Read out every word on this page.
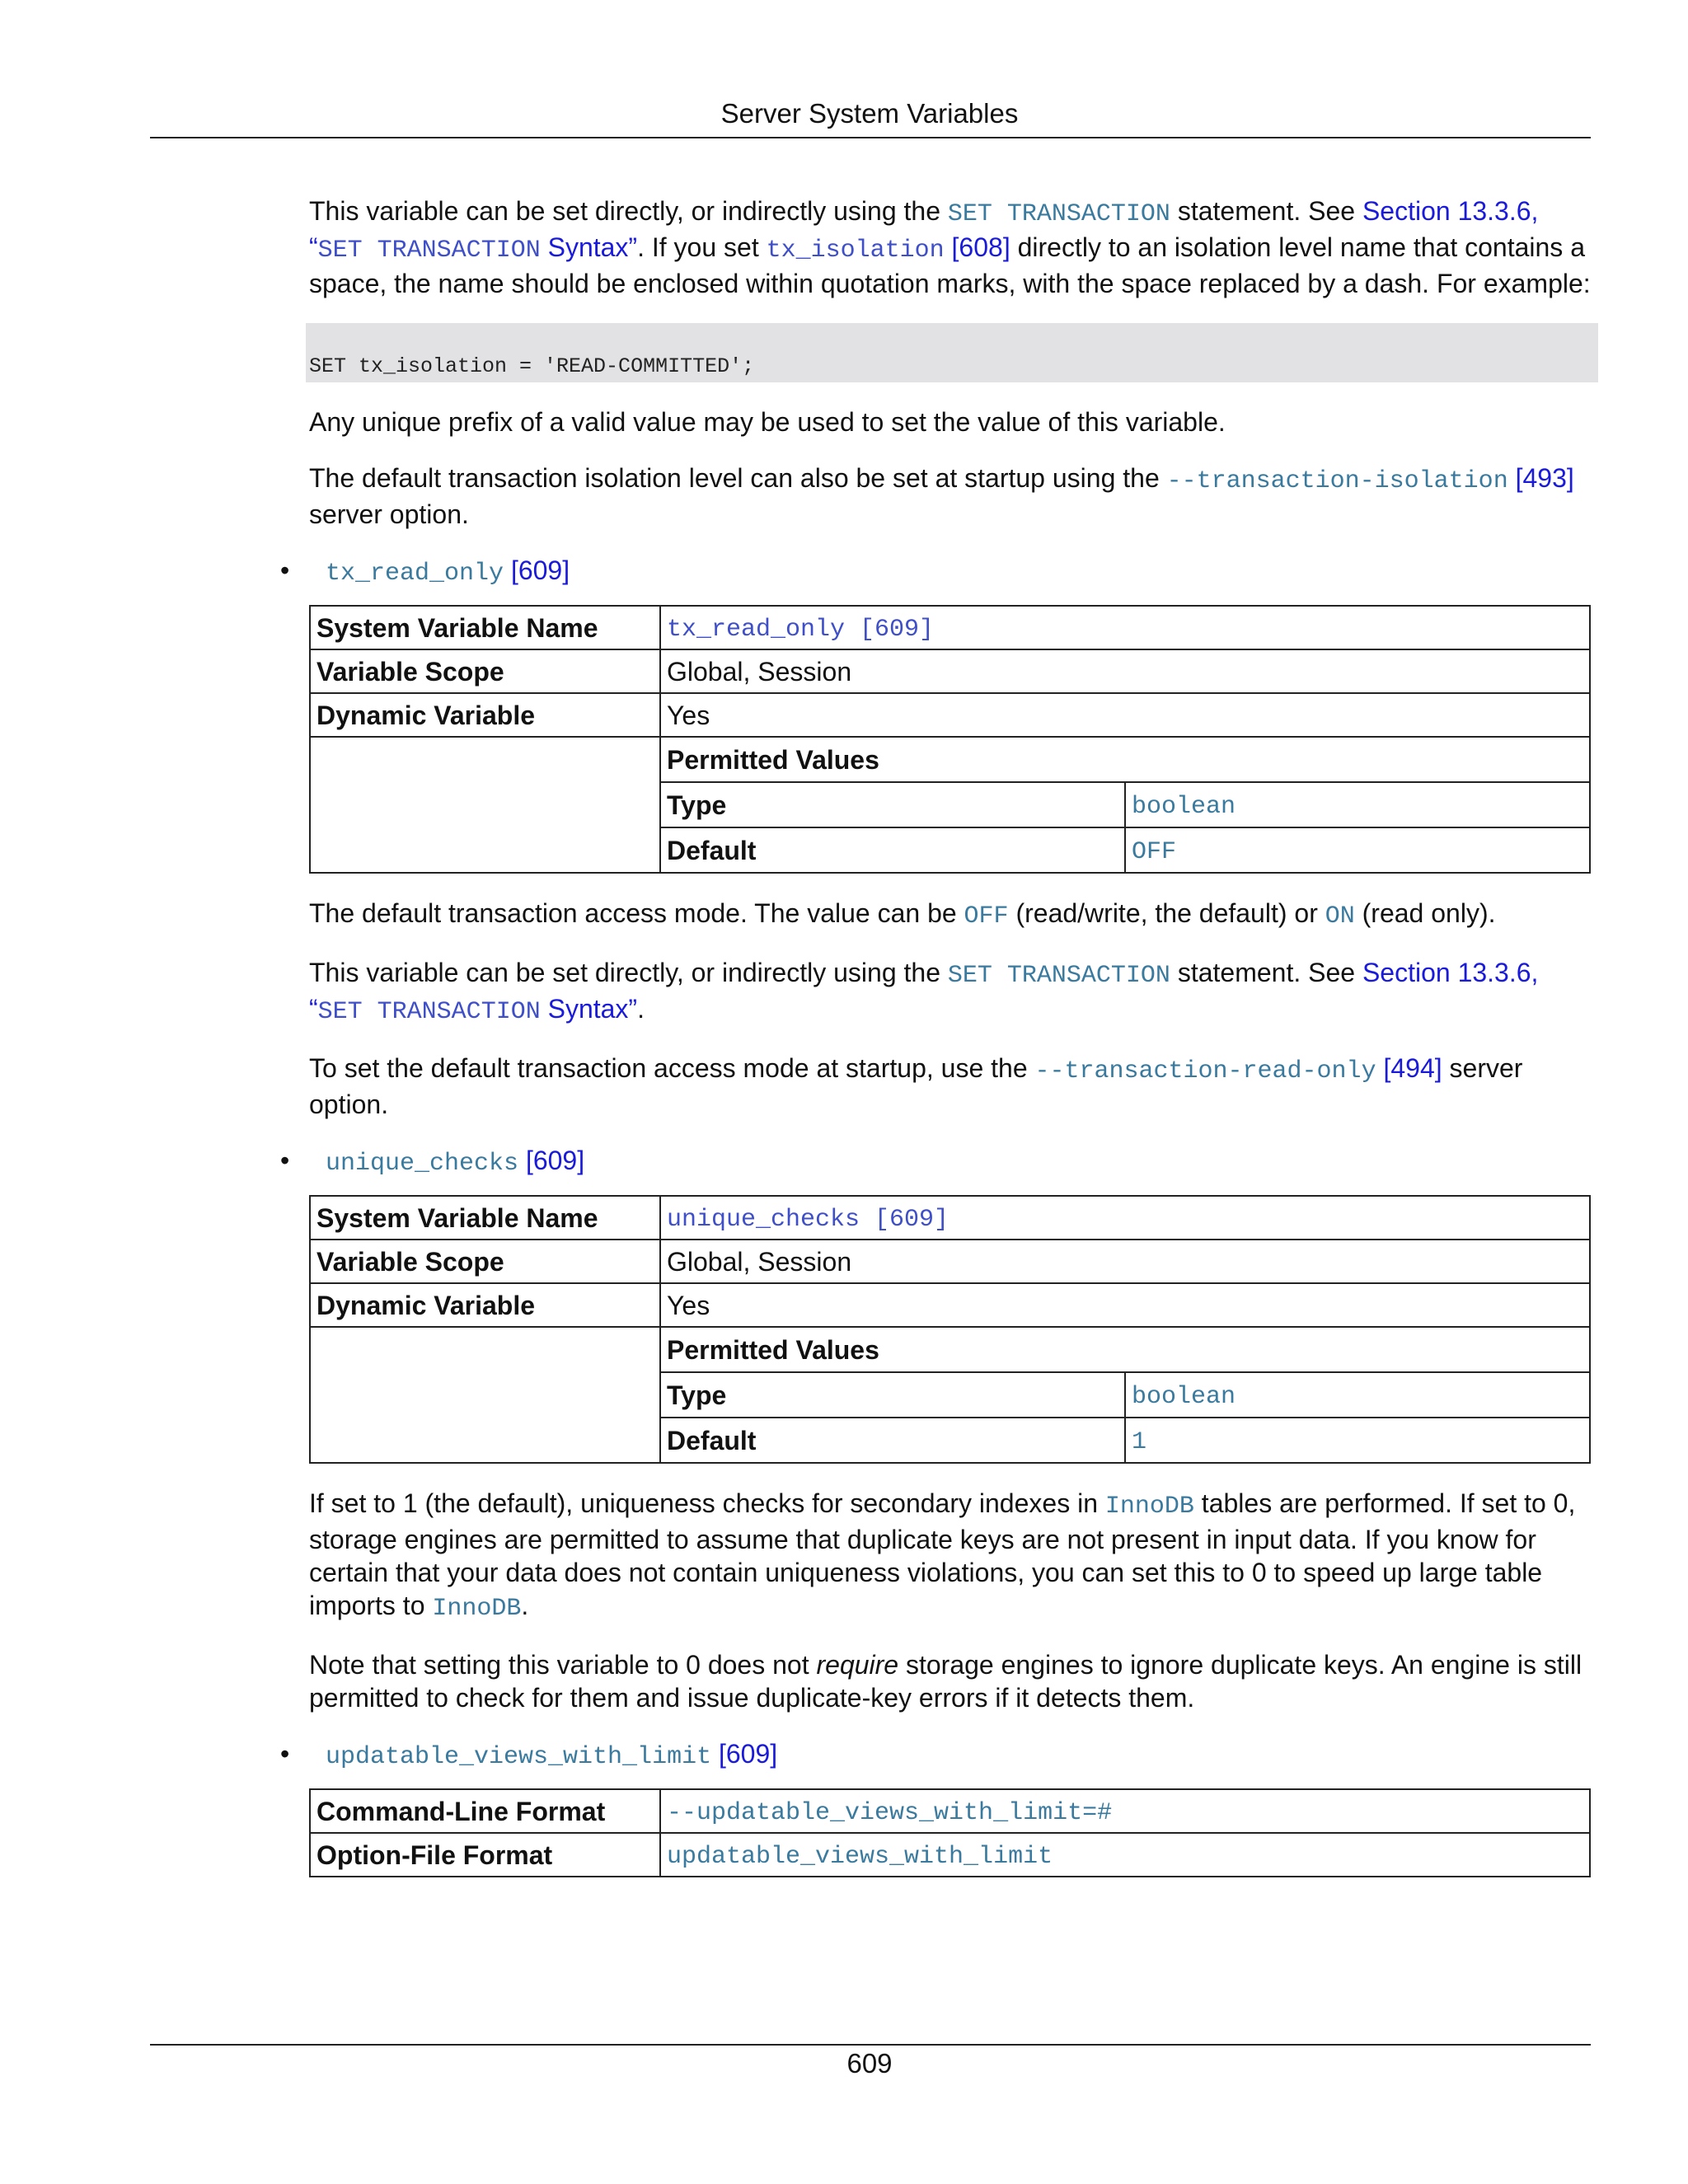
Server System Variables

This variable can be set directly, or indirectly using the SET TRANSACTION statement. See Section 13.3.6, “SET TRANSACTION Syntax”. If you set tx_isolation [608] directly to an isolation level name that contains a space, the name should be enclosed within quotation marks, with the space replaced by a dash. For example:

SET tx_isolation = 'READ-COMMITTED';

Any unique prefix of a valid value may be used to set the value of this variable.

The default transaction isolation level can also be set at startup using the --transaction-isolation [493] server option.

• tx_read_only [609]
System Variable Name	tx_read_only [609]
Variable Scope	Global, Session
Dynamic Variable	Yes

Permitted Values
Type	boolean
Default	OFF

The default transaction access mode. The value can be OFF (read/write, the default) or ON (read only).

This variable can be set directly, or indirectly using the SET TRANSACTION statement. See Section 13.3.6, “SET TRANSACTION Syntax”.

To set the default transaction access mode at startup, use the --transaction-read-only [494] server option.

• unique_checks [609]
System Variable Name	unique_checks [609]
Variable Scope	Global, Session
Dynamic Variable	Yes

Permitted Values
Type	boolean
Default	1

If set to 1 (the default), uniqueness checks for secondary indexes in InnoDB tables are performed. If set to 0, storage engines are permitted to assume that duplicate keys are not present in input data. If you know for certain that your data does not contain uniqueness violations, you can set this to 0 to speed up large table imports to InnoDB.

Note that setting this variable to 0 does not require storage engines to ignore duplicate keys. An engine is still permitted to check for them and issue duplicate-key errors if it detects them.

• updatable_views_with_limit [609]
Command-Line Format	--updatable_views_with_limit=#
Option-File Format	updatable_views_with_limit
609
